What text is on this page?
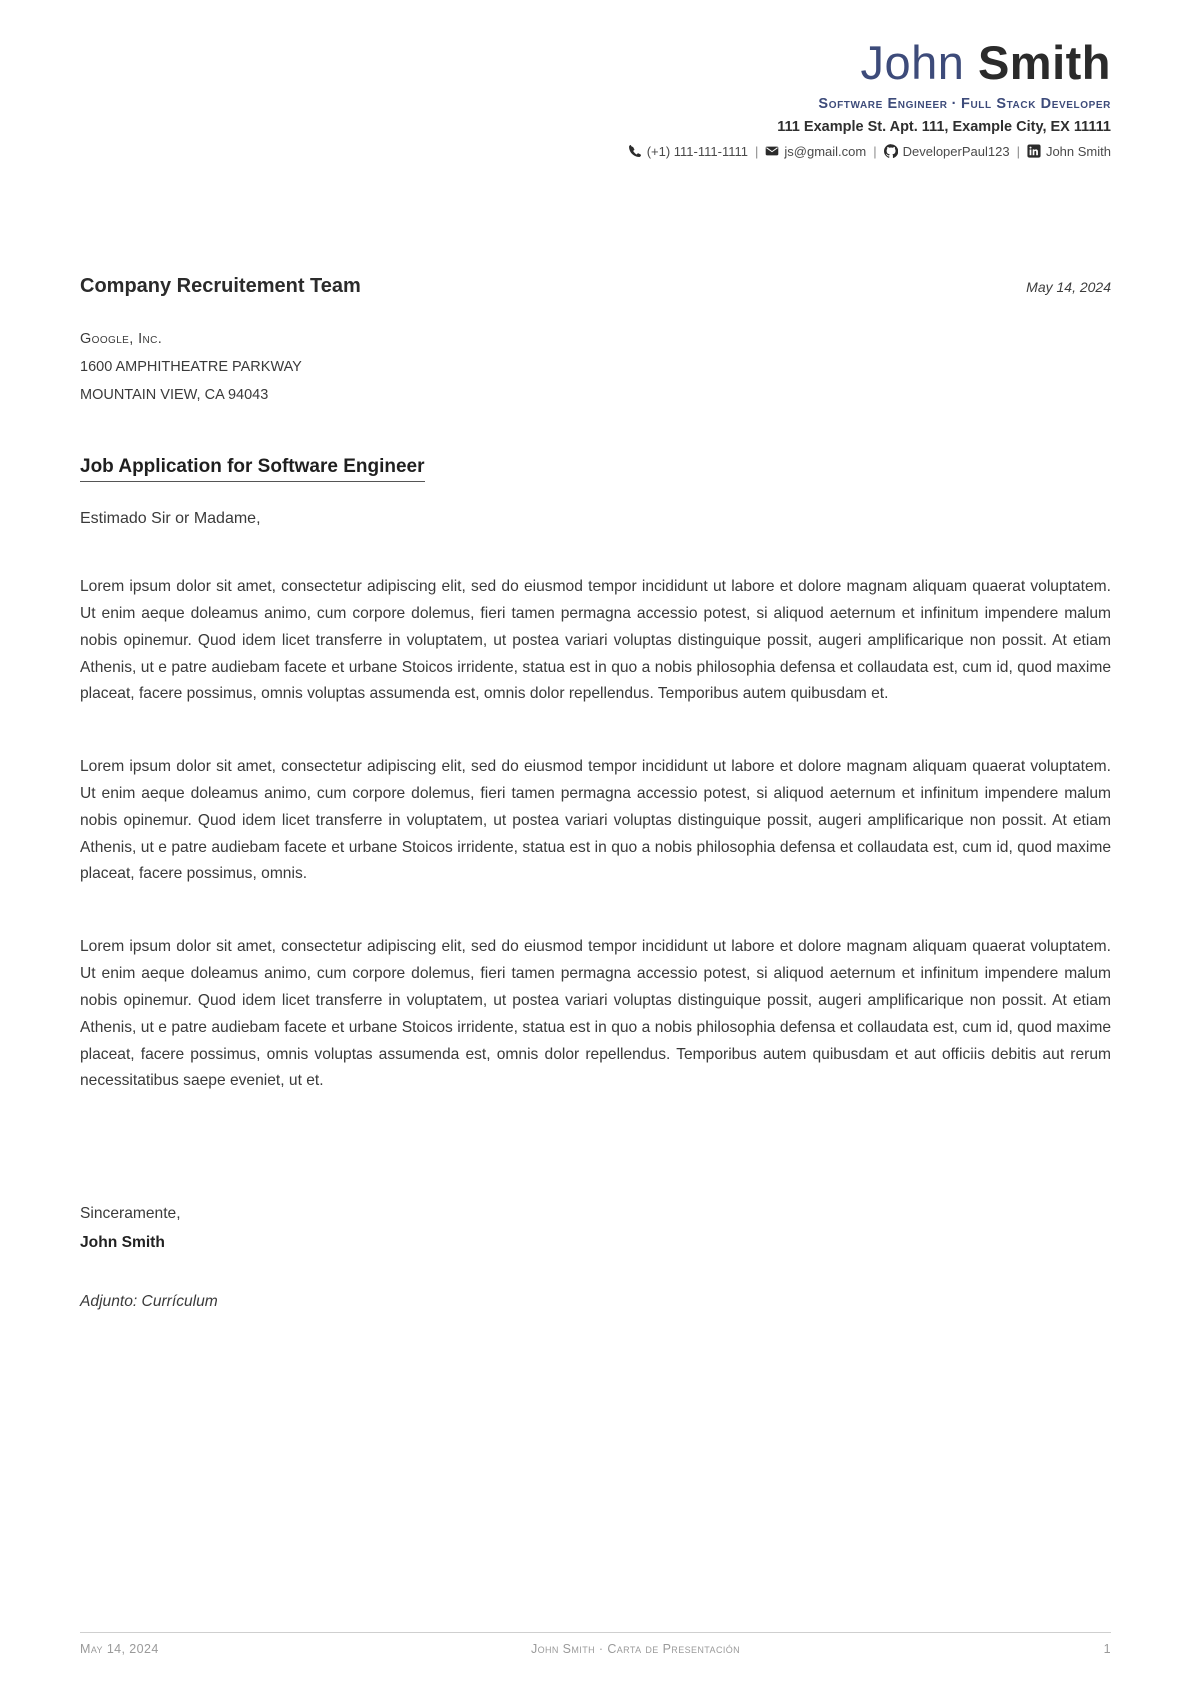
John Smith
Software Engineer · Full Stack Developer
111 Example St. Apt. 111, Example City, EX 11111
(+1) 111-111-1111 |	js@gmail.com |	DeveloperPaul123 |	John Smith
Company Recruitement Team	May 14, 2024
Google, Inc.
1600 AMPHITHEATRE PARKWAY
MOUNTAIN VIEW, CA 94043
Job Application for Software Engineer
Estimado Sir or Madame,

Lorem ipsum dolor sit amet, consectetur adipiscing elit, sed do eiusmod tempor incididunt ut labore et dolore magnam aliquam quaerat voluptatem. Ut enim aeque doleamus animo, cum corpore dolemus, fieri tamen permagna accessio potest, si aliquod aeternum et infinitum impendere malum nobis opinemur. Quod idem licet transferre in voluptatem, ut postea variari voluptas distinguique possit, augeri amplificarique non possit. At etiam Athenis, ut e patre audiebam facete et urbane Stoicos irridente, statua est in quo a nobis philosophia defensa et collaudata est, cum id, quod maxime placeat, facere possimus, omnis voluptas assumenda est, omnis dolor repellendus. Temporibus autem quibusdam et.

Lorem ipsum dolor sit amet, consectetur adipiscing elit, sed do eiusmod tempor incididunt ut labore et dolore magnam aliquam quaerat voluptatem. Ut enim aeque doleamus animo, cum corpore dolemus, fieri tamen permagna accessio potest, si aliquod aeternum et infinitum impendere malum nobis opinemur. Quod idem licet transferre in voluptatem, ut postea variari voluptas distinguique possit, augeri amplificarique non possit. At etiam Athenis, ut e patre audiebam facete et urbane Stoicos irridente, statua est in quo a nobis philosophia defensa et collaudata est, cum id, quod maxime placeat, facere possimus, omnis.

Lorem ipsum dolor sit amet, consectetur adipiscing elit, sed do eiusmod tempor incididunt ut labore et dolore magnam aliquam quaerat voluptatem. Ut enim aeque doleamus animo, cum corpore dolemus, fieri tamen permagna accessio potest, si aliquod aeternum et infinitum impendere malum nobis opinemur. Quod idem licet transferre in voluptatem, ut postea variari voluptas distinguique possit, augeri amplificarique non possit. At etiam Athenis, ut e patre audiebam facete et urbane Stoicos irridente, statua est in quo a nobis philosophia defensa et collaudata est, cum id, quod maxime placeat, facere possimus, omnis voluptas assumenda est, omnis dolor repellendus. Temporibus autem quibusdam et aut officiis debitis aut rerum necessitatibus saepe eveniet, ut et.

Sinceramente,
John Smith
Adjunto: Currículum
May 14, 2024	John Smith · Carta de Presentación	1
